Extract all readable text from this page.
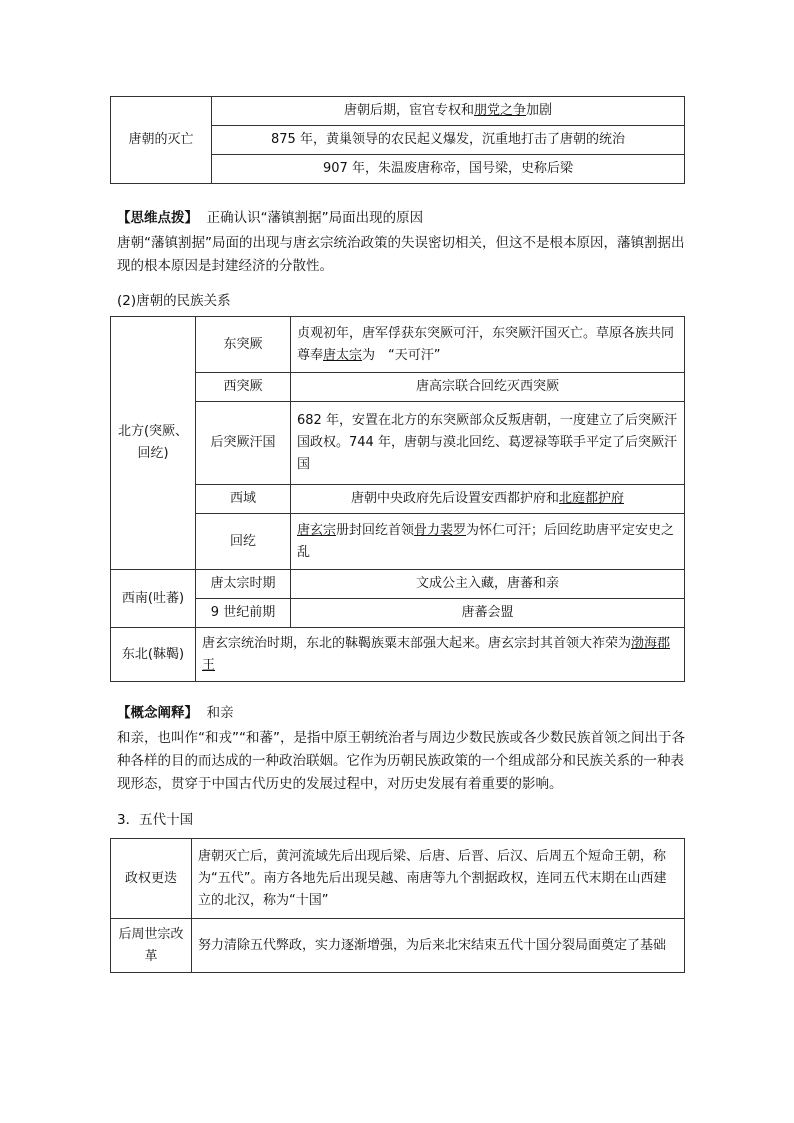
唐朝的灭亡	唐朝后期，宦官专权和朋党之争加剧
875 年，黄巢领导的农民起义爆发，沉重地打击了唐朝的统治
907 年，朱温废唐称帝，国号梁，史称后梁
【思维点拨】 正确认识“藩镇割据”局面出现的原因
唐朝“藩镇割据”局面的出现与唐玄宗统治政策的失误密切相关，但这不是根本原因，藩镇割据出现的根本原因是封建经济的分散性。
(2)唐朝的民族关系
北方(突厥、回纥)	东突厥	贞观初年，唐军俘获东突厥可汗，东突厥汗国灭亡。草原各族共同尊奉唐太宗为　“天可汗”
	西突厥	唐高宗联合回纥灭西突厥
	后突厥汗国	682 年，安置在北方的东突厥部众反叛唐朝，一度建立了后突厥汗国政权。744 年，唐朝与漠北回纥、葛逻禄等联手平定了后突厥汗国
	西域	唐朝中央政府先后设置安西都护府和北庭都护府
	回纥	唐玄宗册封回纥首领骨力裴罗为怀仁可汗；后回纥助唐平定安史之乱
西南(吐蕃)	唐太宗时期	文成公主入藏，唐蕃和亲
	9 世纪前期	唐蕃会盟
东北(靺鞨)	唐玄宗统治时期，东北的靺鞨族粟末部强大起来。唐玄宗封其首领大祚荣为渤海郡王	
【概念阐释】 和亲
和亲，也叫作“和戎”“和蕃”，是指中原王朝统治者与周边少数民族或各少数民族首领之间出于各种各样的目的而达成的一种政治联姻。它作为历朝民族政策的一个组成部分和民族关系的一种表现形态，贯穿于中国古代历史的发展过程中，对历史发展有着重要的影响。
3．五代十国
政权更迭	唐朝灭亡后，黄河流域先后出现后梁、后唐、后晋、后汉、后周五个短命王朝，称为“五代”。南方各地先后出现吴越、南唐等九个割据政权，连同五代末期在山西建立的北汉，称为“十国”
后周世宗改革	努力清除五代弊政，实力逐渐增强，为后来北宋结束五代十国分裂局面奠定了基础
